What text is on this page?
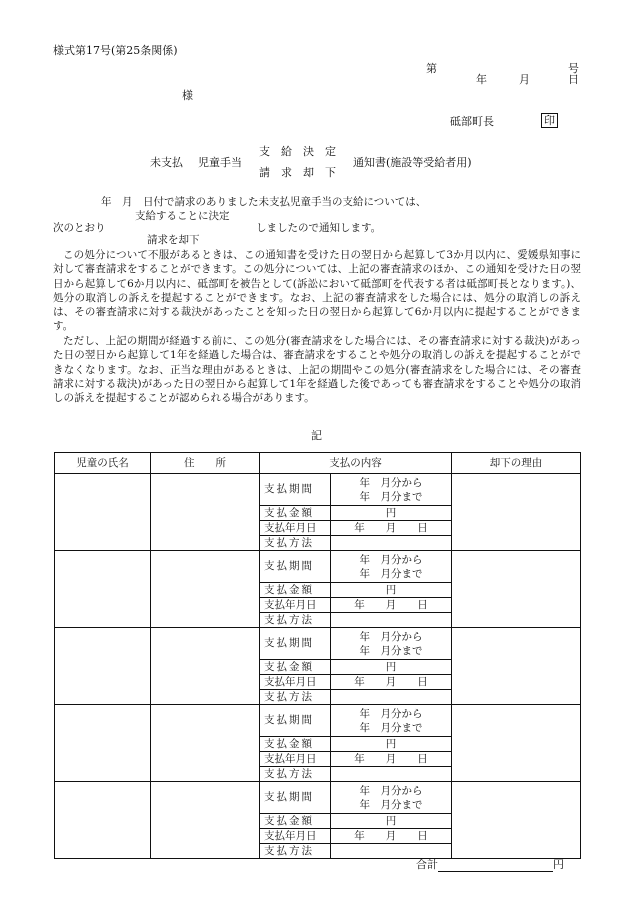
様式第17号(第25条関係)
第	号
年	月	日
様
砥部町長	印
未支払 児童手当
支　給　決　定
請　求　却　下
通知書(施設等受給者用)
年　月　日付で請求のありました未支払児童手当の支給については、
支給することに決定
次のとおり	しましたので通知します。
請求を却下
この処分について不服があるときは、この通知書を受けた日の翌日から起算して3か月以内に、愛媛県知事に対して審査請求をすることができます。この処分については、上記の審査請求のほか、この通知を受けた日の翌日から起算して6か月以内に、砥部町を被告として(訴訟において砥部町を代表する者は砥部町長となります。)、処分の取消しの訴えを提起することができます。なお、上記の審査請求をした場合には、処分の取消しの訴えは、その審査請求に対する裁決があったことを知った日の翌日から起算して6か月以内に提起することができます。
ただし、上記の期間が経過する前に、この処分(審査請求をした場合には、その審査請求に対する裁決)があった日の翌日から起算して1年を経過した場合は、審査請求をすることや処分の取消しの訴えを提起することができなくなります。なお、正当な理由があるときは、上記の期間やこの処分(審査請求をした場合には、その審査請求に対する裁決)があった日の翌日から起算して1年を経過した後であっても審査請求をすることや処分の取消しの訴えを提起することが認められる場合があります。
記
児童の氏名	住　　所	支払の内容		却下の理由
		支払期間	年　月分から
年　月分まで	

		支払金額	円	
		支払年月日	年　　月　　日	
		支払方法		
		支払期間	年　月分から
年　月分まで	

		支払金額	円	
		支払年月日	年　　月　　日	
		支払方法		
		支払期間	年　月分から
年　月分まで	

		支払金額	円	
		支払年月日	年　　月　　日	
		支払方法		
		支払期間	年　月分から
年　月分まで	

		支払金額	円	
		支払年月日	年　　月　　日	
		支払方法		
		支払期間	年　月分から
年　月分まで	

		支払金額	円	
		支払年月日	年　　月　　日	
		支払方法		
合計	円
